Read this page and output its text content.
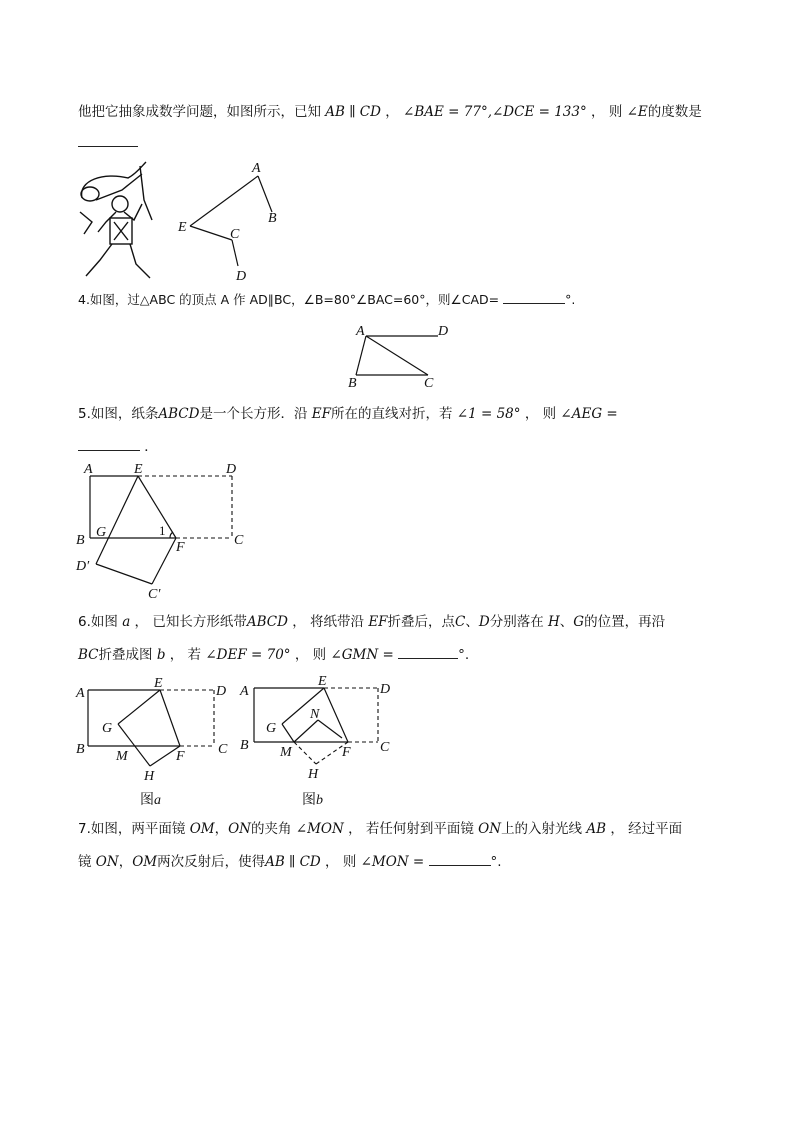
他把它抽象成数学问题，如图所示，已知 AB ∥ CD ， ∠BAE = 77°,∠DCE = 133° ， 则 ∠E的度数是
A
B
E	C
D
4.如图，过△ABC 的顶点 A 作 AD∥BC，∠B=80°∠BAC=60°，则∠CAD=	°.
A	D
B	C
5.如图，纸条ABCD是一个长方形．沿 EF所在的直线对折，若 ∠1 = 58° ， 则 ∠AEG =
．
A	E	D
B
G	1
F	C
D′
C′
6.如图 a ， 已知长方形纸带ABCD ， 将纸带沿 EF折叠后，点C、D分别落在 H、G的位置，再沿
BC折叠成图 b ， 若 ∠DEF = 70° ， 则 ∠GMN =	°.
A
E
D
B
G
M	F C
H
图a
A
E
D
B
G
N
M	F C
H
图b
7.如图，两平面镜 OM，ON的夹角 ∠MON ， 若任何射到平面镜 ON上的入射光线 AB ， 经过平面
镜 ON，OM两次反射后，使得AB ∥ CD ， 则 ∠MON =	°.
